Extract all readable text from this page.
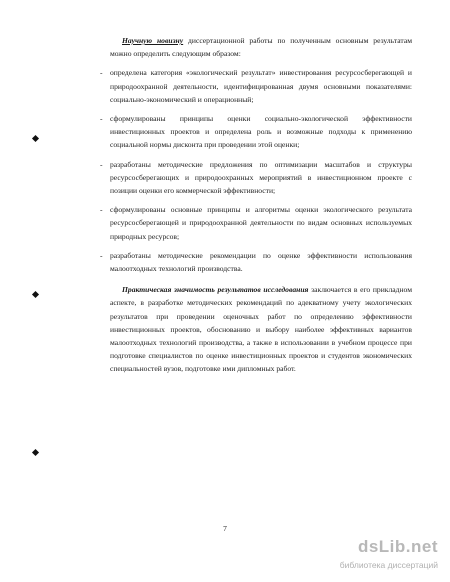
Научную новизну диссертационной работы по полученным основным результатам можно определить следующим образом:

- определена категория «экологический результат» инвестирования ресурсосберегающей и природоохранной деятельности, идентифицированная двумя основными показателями: социально-экономический и операционный;
- сформулированы принципы оценки социально-экологической эффективности инвестиционных проектов и определена роль и возможные подходы к применению социальной нормы дисконта при проведении этой оценки;
- разработаны методические предложения по оптимизации масштабов и структуры ресурсосберегающих и природоохранных мероприятий в инвестиционном проекте с позиции оценки его коммерческой эффективности;
- сформулированы основные принципы и алгоритмы оценки экологического результата ресурсосберегающей и природоохранной деятельности по видам основных используемых природных ресурсов;
- разработаны методические рекомендации по оценке эффективности использования малоотходных технологий производства.

Практическая значимость результатов исследования заключается в его прикладном аспекте, в разработке методических рекомендаций по адекватному учету экологических результатов при проведении оценочных работ по определению эффективности инвестиционных проектов, обоснованию и выбору наиболее эффективных вариантов малоотходных технологий производства, а также в использовании в учебном процессе при подготовке специалистов по оценке инвестиционных проектов и студентов экономических специальностей вузов, подготовке ими дипломных работ.

7
dsLib.net
библиотека диссертаций
